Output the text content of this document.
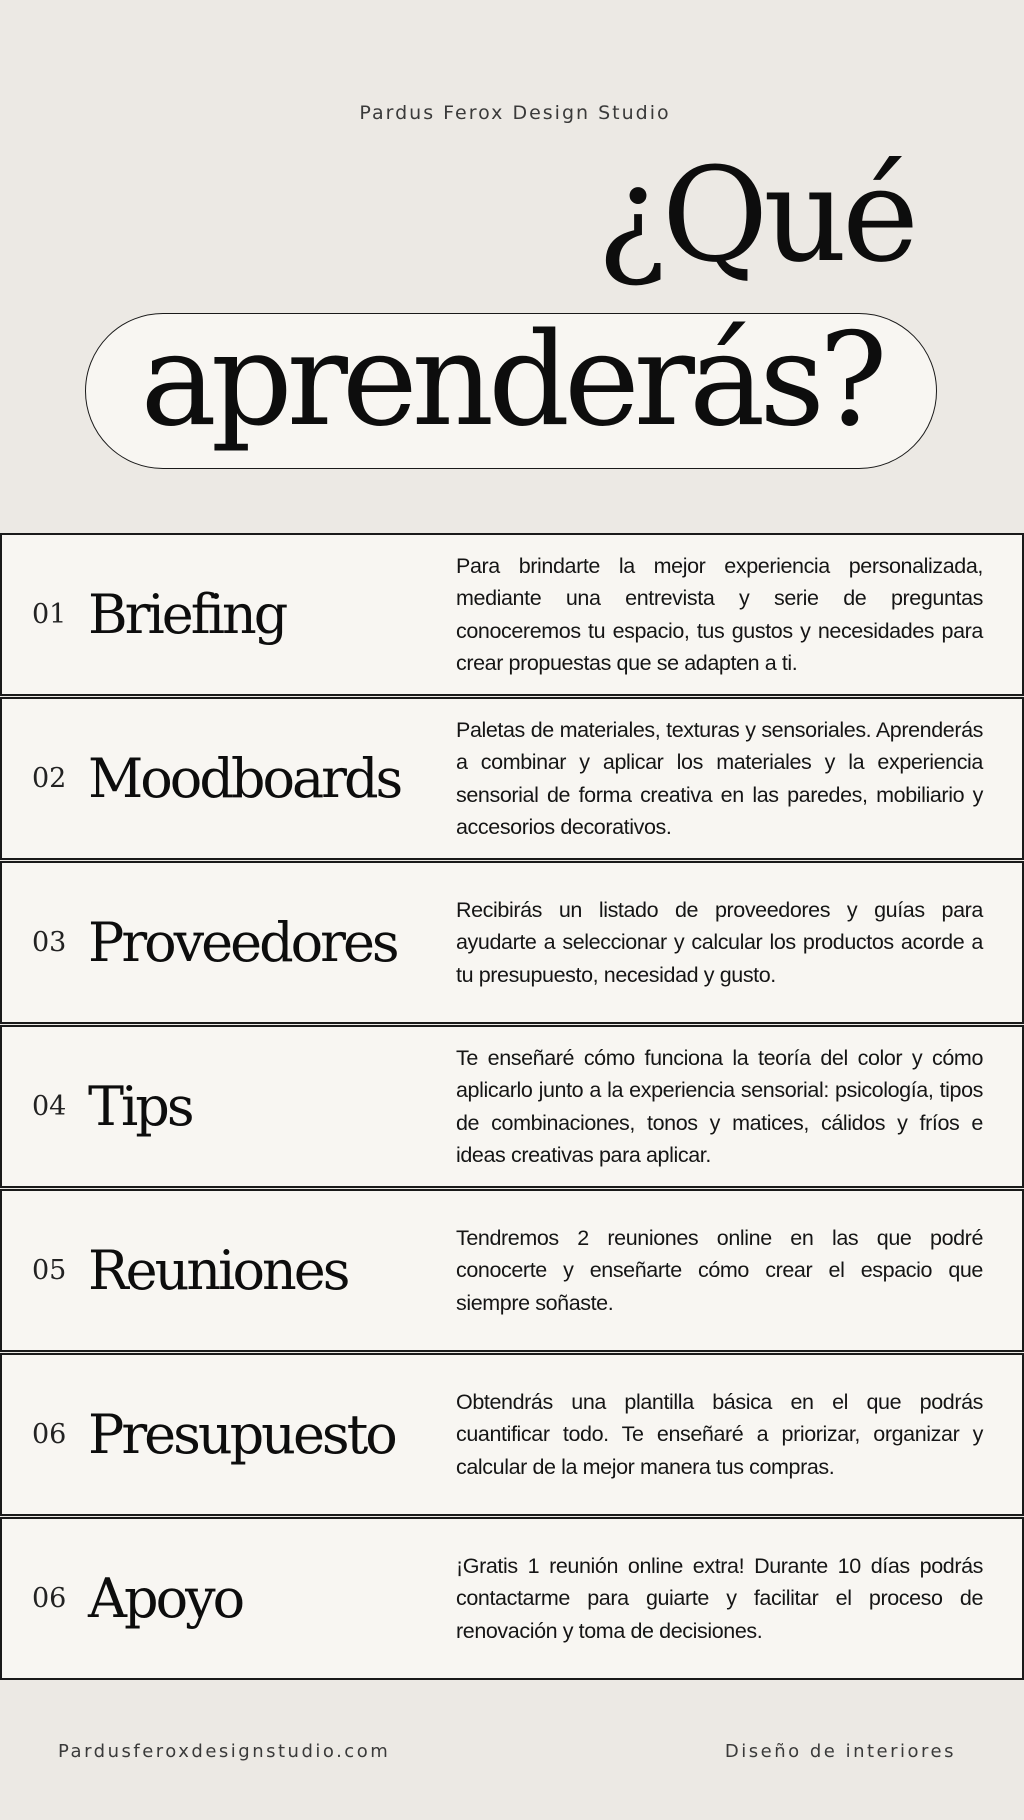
Pardus Ferox Design Studio
¿Qué
aprenderás?
01 Briefing
Para brindarte la mejor experiencia personalizada, mediante una entrevista y serie de preguntas conoceremos tu espacio, tus gustos y necesidades para crear propuestas que se adapten a ti.
02 Moodboards
Paletas de materiales, texturas y sensoriales. Aprenderás a combinar y aplicar los materiales y la experiencia sensorial de forma creativa en las paredes, mobiliario y accesorios decorativos.
03 Proveedores
Recibirás un listado de proveedores y guías para ayudarte a seleccionar y calcular los productos acorde a tu presupuesto, necesidad y gusto.
04 Tips
Te enseñaré cómo funciona la teoría del color y cómo aplicarlo junto a la experiencia sensorial: psicología, tipos de combinaciones, tonos y matices, cálidos y fríos e ideas creativas para aplicar.
05 Reuniones
Tendremos 2 reuniones online en las que podré conocerte y enseñarte cómo crear el espacio que siempre soñaste.
06 Presupuesto
Obtendrás una plantilla básica en el que podrás cuantificar todo. Te enseñaré a priorizar, organizar y calcular de la mejor manera tus compras.
06 Apoyo
¡Gratis 1 reunión online extra! Durante 10 días podrás contactarme para guiarte y facilitar el proceso de renovación y toma de decisiones.
Pardusferoxdesignstudio.com	Diseño de interiores
